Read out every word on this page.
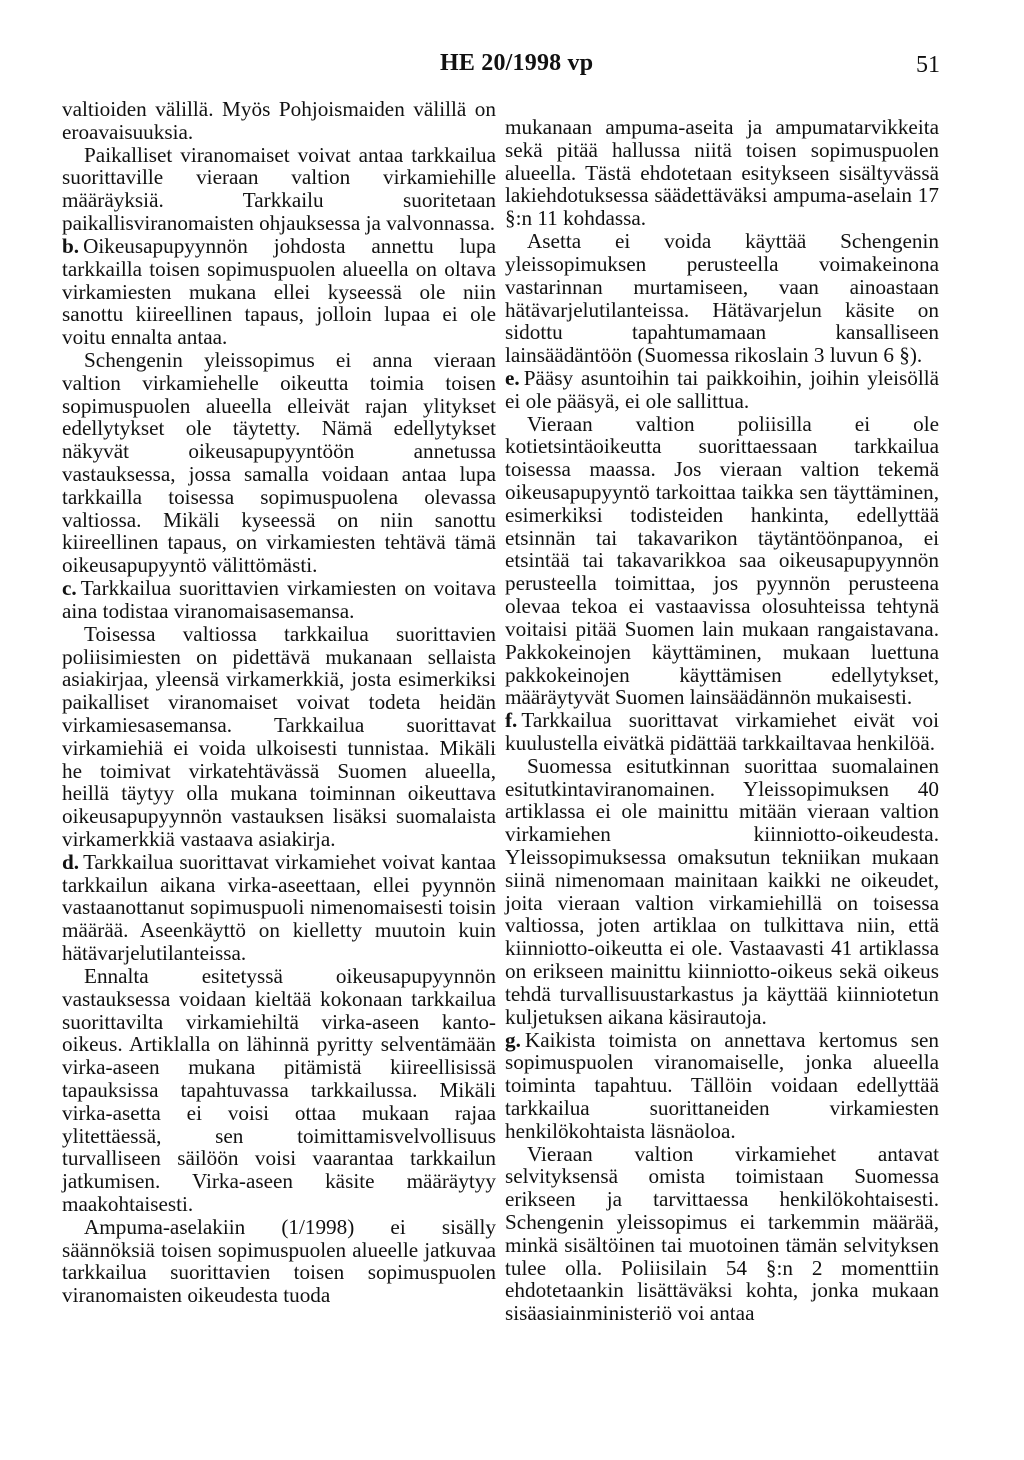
HE 20/1998 vp	51

valtioiden välillä. Myös Pohjoismaiden välillä on eroavaisuuksia.

Paikalliset viranomaiset voivat antaa tarkkailua suorittaville vieraan valtion virkamiehille määräyksiä. Tarkkailu suoritetaan paikallisviranomaisten ohjauksessa ja valvonnassa.

b. Oikeusapupyynnön johdosta annettu lupa tarkkailla toisen sopimuspuolen alueella on oltava virkamiesten mukana ellei kyseessä ole niin sanottu kiireellinen tapaus, jolloin lupaa ei ole voitu ennalta antaa.

Schengenin yleissopimus ei anna vieraan valtion virkamiehelle oikeutta toimia toisen sopimuspuolen alueella elleivät rajan ylitykset edellytykset ole täytetty. Nämä edellytykset näkyvät oikeusapupyyntöön annetussa vastauksessa, jossa samalla voidaan antaa lupa tarkkailla toisessa sopimuspuolena olevassa valtiossa. Mikäli kyseessä on niin sanottu kiireellinen tapaus, on virkamiesten tehtävä tämä oikeusapupyyntö välittömästi.

c. Tarkkailua suorittavien virkamiesten on voitava aina todistaa viranomaisasemansa.

Toisessa valtiossa tarkkailua suorittavien poliisimiesten on pidettävä mukanaan sellaista asiakirjaa, yleensä virkamerkkiä, josta esimerkiksi paikalliset viranomaiset voivat todeta heidän virkamiesasemansa. Tarkkailua suorittavat virkamiehiä ei voida ulkoisesti tunnistaa. Mikäli he toimivat virkatehtävässä Suomen alueella, heillä täytyy olla mukana toiminnan oikeuttava oikeusapupyynnön vastauksen lisäksi suomalaista virkamerkkiä vastaava asiakirja.

d. Tarkkailua suorittavat virkamiehet voivat kantaa tarkkailun aikana virka-aseettaan, ellei pyynnön vastaanottanut sopimuspuoli nimenomaisesti toisin määrää. Aseenkäyttö on kielletty muutoin kuin hätävarjelutilanteissa.

Ennalta esitetyssä oikeusapupyynnön vastauksessa voidaan kieltää kokonaan tarkkailua suorittavilta virkamiehiltä virka-aseen kanto-oikeus. Artiklalla on lähinnä pyritty selventämään virka-aseen mukana pitämistä kiireellisissä tapauksissa tapahtuvassa tarkkailussa. Mikäli virka-asetta ei voisi ottaa mukaan rajaa ylitettäessä, sen toimittamisvelvollisuus turvalliseen säilöön voisi vaarantaa tarkkailun jatkumisen. Virka-aseen käsite määräytyy maakohtaisesti.

Ampuma-aselakiin (1/1998) ei sisälly säännöksiä toisen sopimuspuolen alueelle jatkuvaa tarkkailua suorittavien toisen sopimuspuolen viranomaisten oikeudesta tuoda

mukanaan ampuma-aseita ja ampumatarvikkeita sekä pitää hallussa niitä toisen sopimuspuolen alueella. Tästä ehdotetaan esitykseen sisältyvässä lakiehdotuksessa säädettäväksi ampuma-aselain 17 §:n 11 kohdassa.

Asetta ei voida käyttää Schengenin yleissopimuksen perusteella voimakeinona vastarinnan murtamiseen, vaan ainoastaan hätävarjelutilanteissa. Hätävarjelun käsite on sidottu tapahtumamaan kansalliseen lainsäädäntöön (Suomessa rikoslain 3 luvun 6 §).

e. Pääsy asuntoihin tai paikkoihin, joihin yleisöllä ei ole pääsyä, ei ole sallittua.

Vieraan valtion poliisilla ei ole kotietsintäoikeutta suorittaessaan tarkkailua toisessa maassa. Jos vieraan valtion tekemä oikeusapupyyntö tarkoittaa taikka sen täyttäminen, esimerkiksi todisteiden hankinta, edellyttää etsinnän tai takavarikon täytäntöönpanoa, ei etsintää tai takavarikkoa saa oikeusapupyynnön perusteella toimittaa, jos pyynnön perusteena olevaa tekoa ei vastaavissa olosuhteissa tehtynä voitaisi pitää Suomen lain mukaan rangaistavana. Pakkokeinojen käyttäminen, mukaan luettuna pakkokeinojen käyttämisen edellytykset, määräytyvät Suomen lainsäädännön mukaisesti.

f. Tarkkailua suorittavat virkamiehet eivät voi kuulustella eivätkä pidättää tarkkailtavaa henkilöä.

Suomessa esitutkinnan suorittaa suomalainen esitutkintaviranomainen. Yleissopimuksen 40 artiklassa ei ole mainittu mitään vieraan valtion virkamiehen kiinniotto-oikeudesta. Yleissopimuksessa omaksutun tekniikan mukaan siinä nimenomaan mainitaan kaikki ne oikeudet, joita vieraan valtion virkamiehillä on toisessa valtiossa, joten artiklaa on tulkittava niin, että kiinniotto-oikeutta ei ole. Vastaavasti 41 artiklassa on erikseen mainittu kiinniotto-oikeus sekä oikeus tehdä turvallisuustarkastus ja käyttää kiinniotetun kuljetuksen aikana käsirautoja.

g. Kaikista toimista on annettava kertomus sen sopimuspuolen viranomaiselle, jonka alueella toiminta tapahtuu. Tällöin voidaan edellyttää tarkkailua suorittaneiden virkamiesten henkilökohtaista läsnäoloa.

Vieraan valtion virkamiehet antavat selvityksensä omista toimistaan Suomessa erikseen ja tarvittaessa henkilökohtaisesti. Schengenin yleissopimus ei tarkemmin määrää, minkä sisältöinen tai muotoinen tämän selvityksen tulee olla. Poliisilain 54 §:n 2 momenttiin ehdotetaankin lisättäväksi kohta, jonka mukaan sisäasiainministeriö voi antaa
